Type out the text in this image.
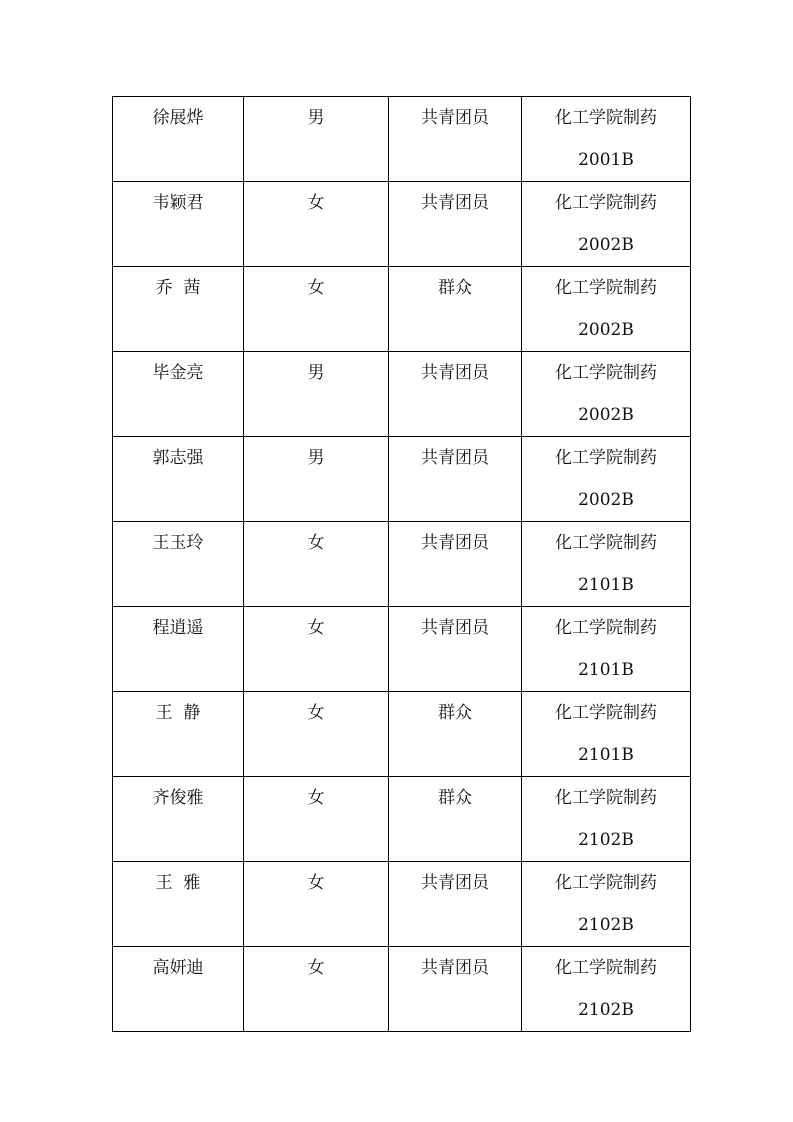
徐展烨	男	共青团员	化工学院制药
2001B

韦颖君	女	共青团员	化工学院制药
2002B

乔  茜	女	群众	化工学院制药
2002B

毕金亮	男	共青团员	化工学院制药
2002B

郭志强	男	共青团员	化工学院制药
2002B

王玉玲	女	共青团员	化工学院制药
2101B

程逍遥	女	共青团员	化工学院制药
2101B

王  静	女	群众	化工学院制药
2101B

齐俊雅	女	群众	化工学院制药
2102B

王  雅	女	共青团员	化工学院制药
2102B

高妍迪	女	共青团员	化工学院制药
2102B
